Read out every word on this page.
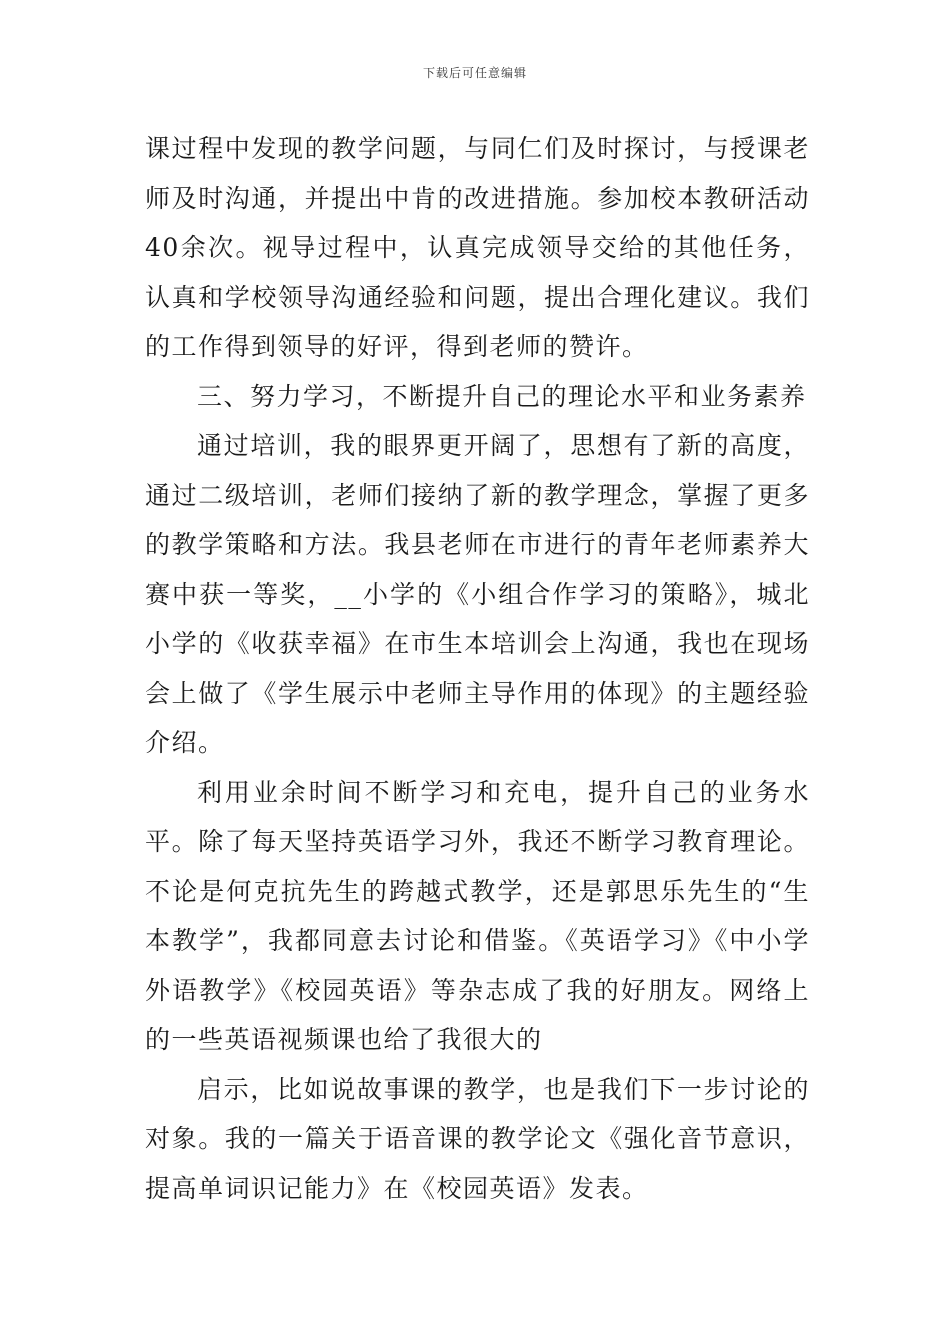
下载后可任意编辑

课过程中发现的教学问题，与同仁们及时探讨，与授课老师及时沟通，并提出中肯的改进措施。参加校本教研活动40余次。视导过程中，认真完成领导交给的其他任务，认真和学校领导沟通经验和问题，提出合理化建议。我们的工作得到领导的好评，得到老师的赞许。

三、努力学习，不断提升自己的理论水平和业务素养

通过培训，我的眼界更开阔了，思想有了新的高度，通过二级培训，老师们接纳了新的教学理念，掌握了更多的教学策略和方法。我县老师在市进行的青年老师素养大赛中获一等奖，__小学的《小组合作学习的策略》，城北小学的《收获幸福》在市生本培训会上沟通，我也在现场会上做了《学生展示中老师主导作用的体现》的主题经验介绍。

利用业余时间不断学习和充电，提升自己的业务水平。除了每天坚持英语学习外，我还不断学习教育理论。不论是何克抗先生的跨越式教学，还是郭思乐先生的“生本教学”，我都同意去讨论和借鉴。《英语学习》《中小学外语教学》《校园英语》等杂志成了我的好朋友。网络上的一些英语视频课也给了我很大的

启示，比如说故事课的教学，也是我们下一步讨论的对象。我的一篇关于语音课的教学论文《强化音节意识，提高单词识记能力》在《校园英语》发表。
